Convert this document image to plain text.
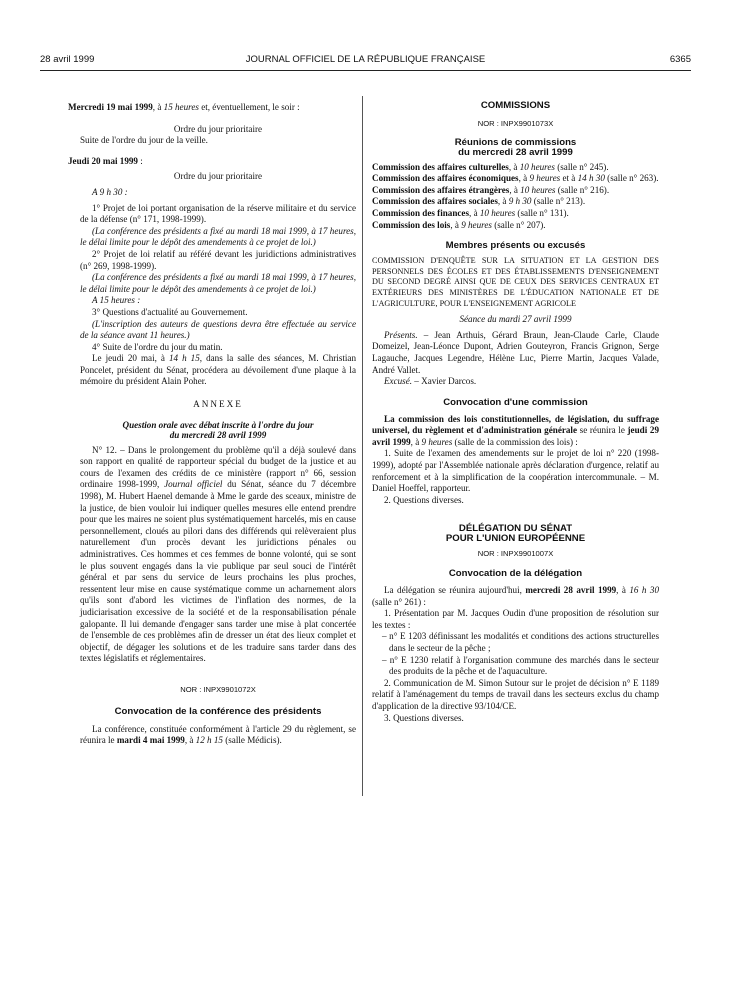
28 avril 1999	JOURNAL OFFICIEL DE LA RÉPUBLIQUE FRANÇAISE	6365

Mercredi 19 mai 1999, à 15 heures et, éventuellement, le soir :

Ordre du jour prioritaire

Suite de l'ordre du jour de la veille.

Jeudi 20 mai 1999 :

Ordre du jour prioritaire

A 9 h 30 :

1° Projet de loi portant organisation de la réserve militaire et du service de la défense (n° 171, 1998-1999).

(La conférence des présidents a fixé au mardi 18 mai 1999, à 17 heures, le délai limite pour le dépôt des amendements à ce projet de loi.)

2° Projet de loi relatif au référé devant les juridictions administratives (n° 269, 1998-1999).

(La conférence des présidents a fixé au mardi 18 mai 1999, à 17 heures, le délai limite pour le dépôt des amendements à ce projet de loi.)

A 15 heures :

3° Questions d'actualité au Gouvernement.

(L'inscription des auteurs de questions devra être effectuée au service de la séance avant 11 heures.)

4° Suite de l'ordre du jour du matin.

Le jeudi 20 mai, à 14 h 15, dans la salle des séances, M. Christian Poncelet, président du Sénat, procédera au dévoilement d'une plaque à la mémoire du président Alain Poher.

ANNEXE

Question orale avec débat inscrite à l'ordre du jour
du mercredi 28 avril 1999

N° 12. – Dans le prolongement du problème qu'il a déjà soulevé dans son rapport en qualité de rapporteur spécial du budget de la justice et au cours de l'examen des crédits de ce ministère (rapport n° 66, session ordinaire 1998-1999, Journal officiel du Sénat, séance du 7 décembre 1998), M. Hubert Haenel demande à Mme le garde des sceaux, ministre de la justice, de bien vouloir lui indiquer quelles mesures elle entend prendre pour que les maires ne soient plus systématiquement harcelés, mis en cause personnellement, cloués au pilori dans des différends qui relèveraient plus naturellement d'un procès devant les juridictions pénales ou administratives. Ces hommes et ces femmes de bonne volonté, qui se sont le plus souvent engagés dans la vie publique par seul souci de l'intérêt général et par sens du service de leurs prochains les plus proches, ressentent leur mise en cause systématique comme un acharnement alors qu'ils sont d'abord les victimes de l'inflation des normes, de la judiciarisation excessive de la société et de la responsabilisation pénale galopante. Il lui demande d'engager sans tarder une mise à plat concertée de l'ensemble de ces problèmes afin de dresser un état des lieux complet et objectif, de dégager les solutions et de les traduire sans tarder dans des textes législatifs et réglementaires.

NOR : INPX9901072X

Convocation de la conférence des présidents

La conférence, constituée conformément à l'article 29 du règlement, se réunira le mardi 4 mai 1999, à 12 h 15 (salle Médicis).

COMMISSIONS

NOR : INPX9901073X

Réunions de commissions
du mercredi 28 avril 1999

Commission des affaires culturelles, à 10 heures (salle n° 245).

Commission des affaires économiques, à 9 heures et à 14 h 30 (salle n° 263).

Commission des affaires étrangères, à 10 heures (salle n° 216).

Commission des affaires sociales, à 9 h 30 (salle n° 213).

Commission des finances, à 10 heures (salle n° 131).

Commission des lois, à 9 heures (salle n° 207).

Membres présents ou excusés

COMMISSION D'ENQUÊTE SUR LA SITUATION ET LA GESTION DES PERSONNELS DES ÉCOLES ET DES ÉTABLISSEMENTS D'ENSEIGNEMENT DU SECOND DEGRÉ AINSI QUE DE CEUX DES SERVICES CENTRAUX ET EXTÉRIEURS DES MINISTÈRES DE L'ÉDUCATION NATIONALE ET DE L'AGRICULTURE, POUR L'ENSEIGNEMENT AGRICOLE

Séance du mardi 27 avril 1999

Présents. – Jean Arthuis, Gérard Braun, Jean-Claude Carle, Claude Domeizel, Jean-Léonce Dupont, Adrien Gouteyron, Francis Grignon, Serge Lagauche, Jacques Legendre, Hélène Luc, Pierre Martin, Jacques Valade, André Vallet.

Excusé. – Xavier Darcos.

Convocation d'une commission

La commission des lois constitutionnelles, de législation, du suffrage universel, du règlement et d'administration générale se réunira le jeudi 29 avril 1999, à 9 heures (salle de la commission des lois) :

1. Suite de l'examen des amendements sur le projet de loi n° 220 (1998-1999), adopté par l'Assemblée nationale après déclaration d'urgence, relatif au renforcement et à la simplification de la coopération intercommunale. – M. Daniel Hoeffel, rapporteur.

2. Questions diverses.

DÉLÉGATION DU SÉNAT
POUR L'UNION EUROPÉENNE

NOR : INPX9901007X

Convocation de la délégation

La délégation se réunira aujourd'hui, mercredi 28 avril 1999, à 16 h 30 (salle n° 261) :

1. Présentation par M. Jacques Oudin d'une proposition de résolution sur les textes :

– n° E 1203 définissant les modalités et conditions des actions structurelles dans le secteur de la pêche ;
– n° E 1230 relatif à l'organisation commune des marchés dans le secteur des produits de la pêche et de l'aquaculture.

2. Communication de M. Simon Sutour sur le projet de décision n° E 1189 relatif à l'aménagement du temps de travail dans les secteurs exclus du champ d'application de la directive 93/104/CE.

3. Questions diverses.
